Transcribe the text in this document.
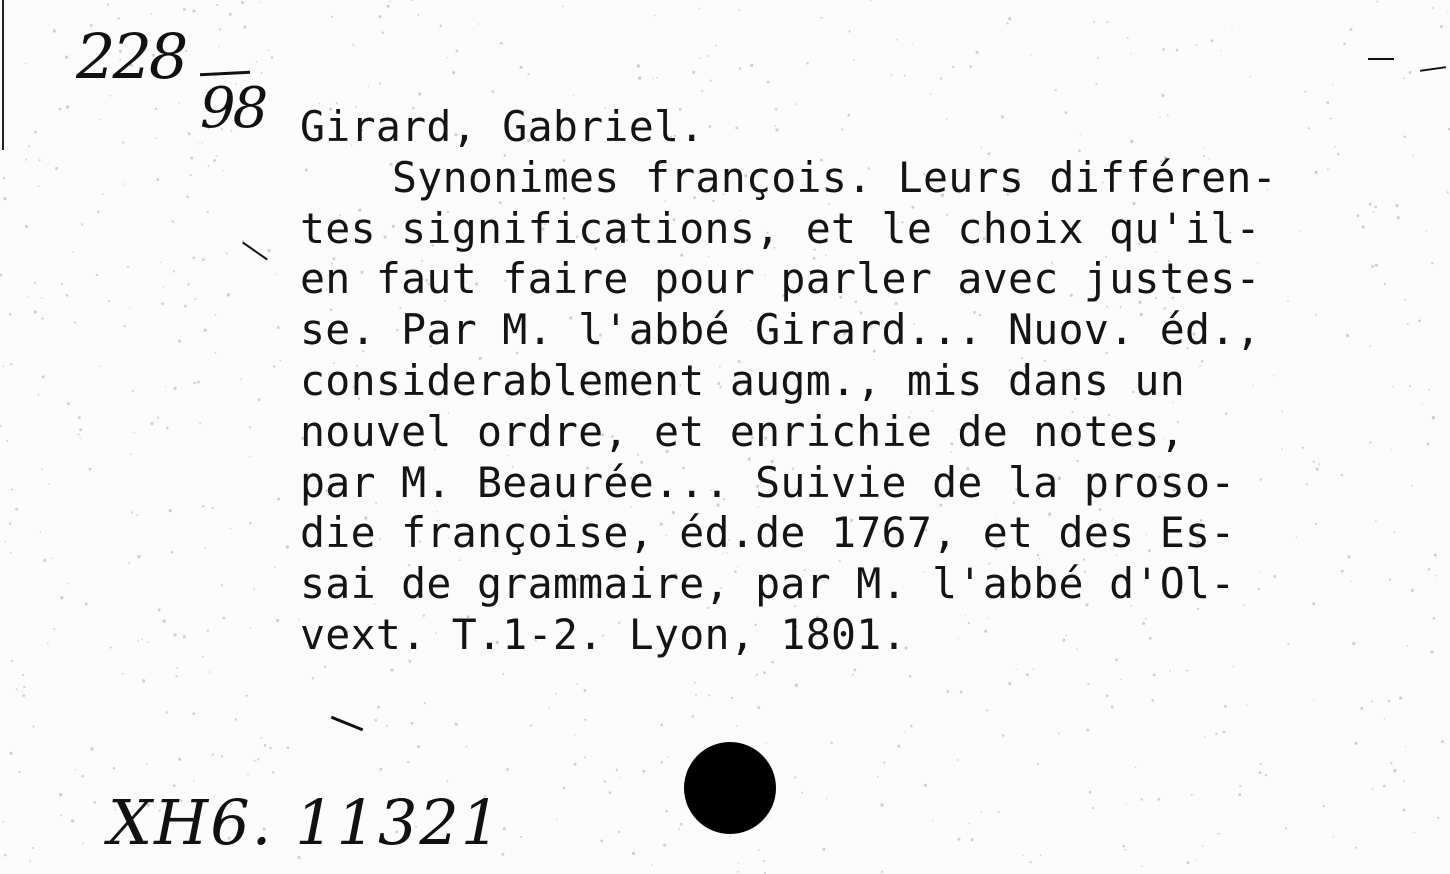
228
98 Girard, Gabriel.
Synonimes françois. Leurs différen-
tes significations, et le choix qu'il-
en faut faire pour parler avec justes-
se. Par M. l'abbé Girard... Nuov. éd.,
considerablement augm., mis dans un
nouvel ordre, et enrichie de notes,
par M. Beaurée... Suivie de la proso-
die françoise, éd.de 1767, et des Es-
sai de grammaire, par M. l'abbé d'Ol-
vext. T.1-2. Lyon, 1801.
XH6. 11321
